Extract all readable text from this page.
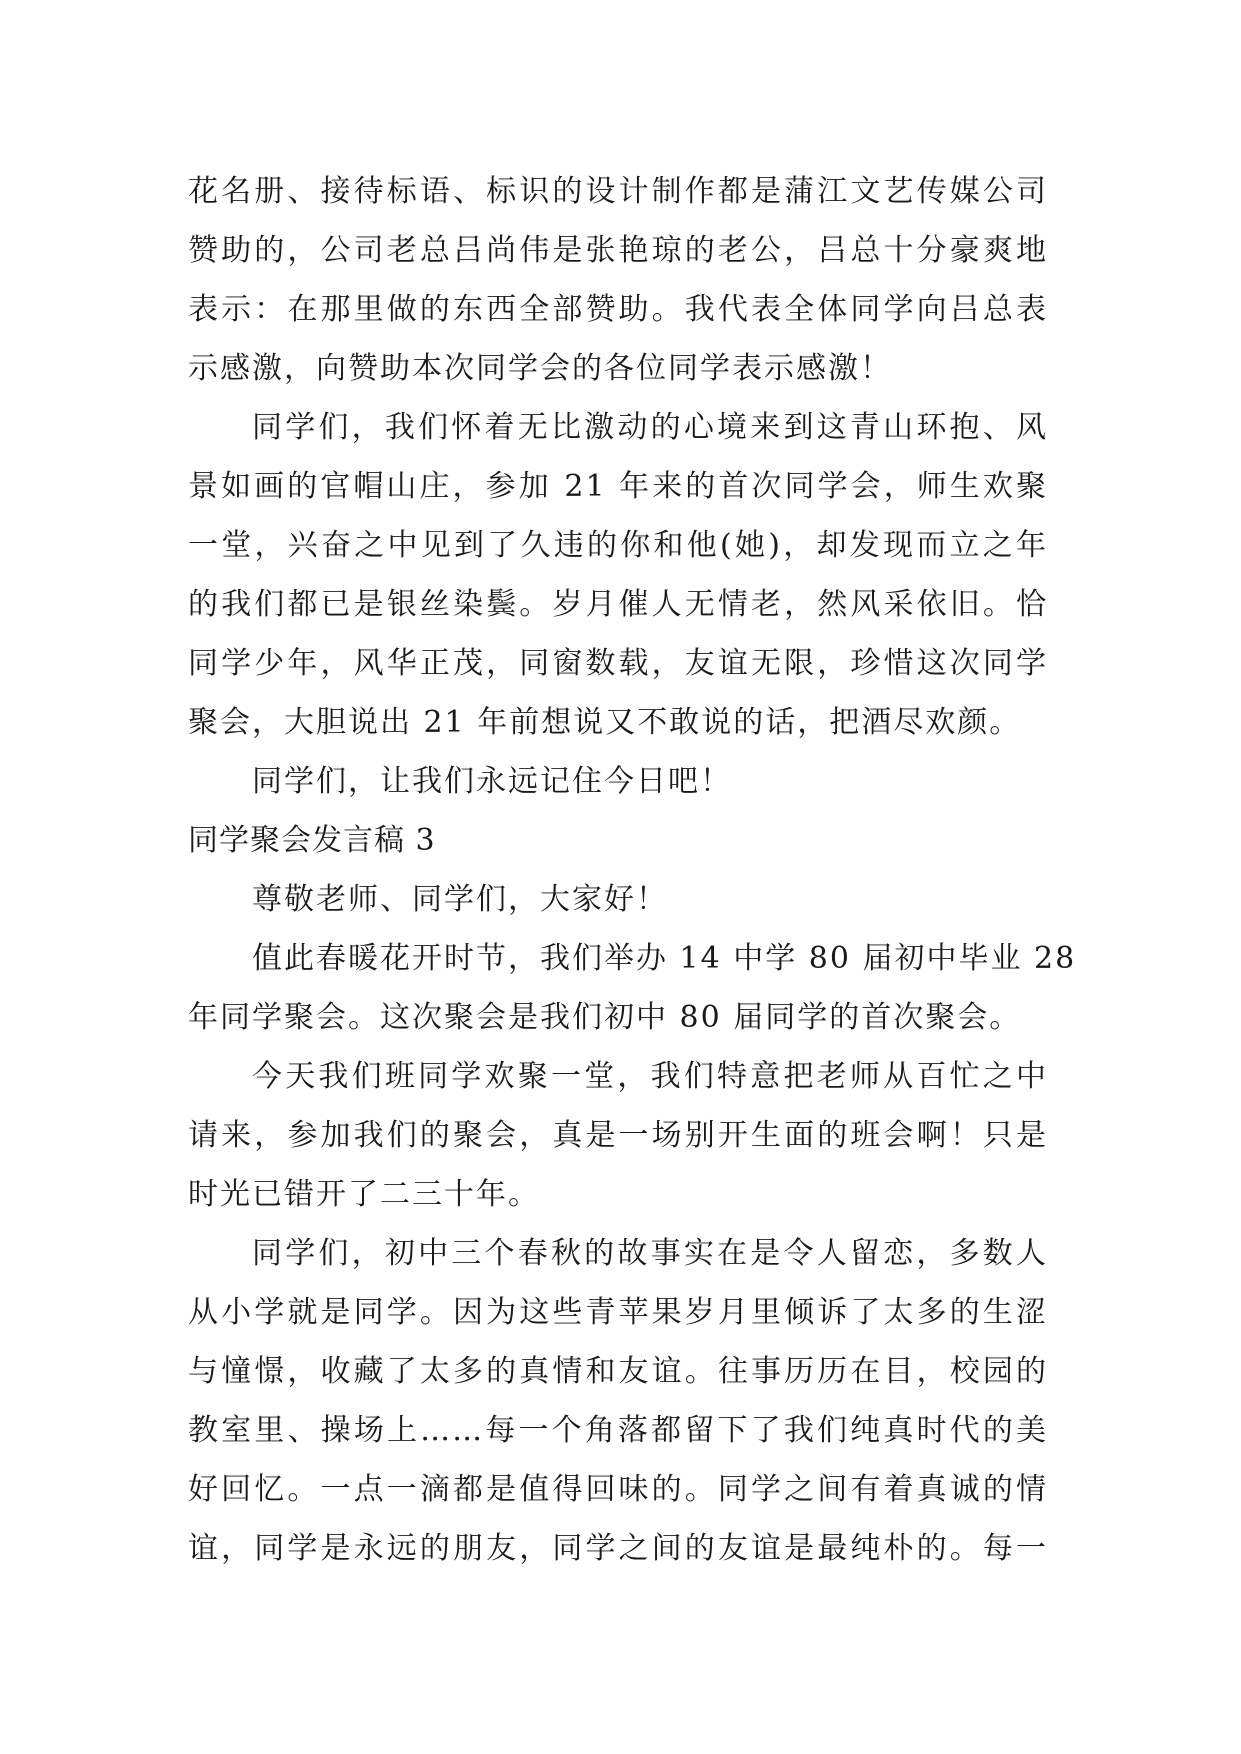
花名册、接待标语、标识的设计制作都是蒲江文艺传媒公司
赞助的，公司老总吕尚伟是张艳琼的老公，吕总十分豪爽地
表示：在那里做的东西全部赞助。我代表全体同学向吕总表
示感激，向赞助本次同学会的各位同学表示感激！
同学们，我们怀着无比激动的心境来到这青山环抱、风
景如画的官帽山庄，参加 21 年来的首次同学会，师生欢聚
一堂，兴奋之中见到了久违的你和他(她)，却发现而立之年
的我们都已是银丝染鬓。岁月催人无情老，然风采依旧。恰
同学少年，风华正茂，同窗数载，友谊无限，珍惜这次同学
聚会，大胆说出 21 年前想说又不敢说的话，把酒尽欢颜。
同学们，让我们永远记住今日吧！
同学聚会发言稿 3
尊敬老师、同学们，大家好！
值此春暖花开时节，我们举办 14 中学 80 届初中毕业 28
年同学聚会。这次聚会是我们初中 80 届同学的首次聚会。
今天我们班同学欢聚一堂，我们特意把老师从百忙之中
请来，参加我们的聚会，真是一场别开生面的班会啊！只是
时光已错开了二三十年。
同学们，初中三个春秋的故事实在是令人留恋，多数人
从小学就是同学。因为这些青苹果岁月里倾诉了太多的生涩
与憧憬，收藏了太多的真情和友谊。往事历历在目，校园的
教室里、操场上……每一个角落都留下了我们纯真时代的美
好回忆。一点一滴都是值得回味的。同学之间有着真诚的情
谊，同学是永远的朋友，同学之间的友谊是最纯朴的。每一
